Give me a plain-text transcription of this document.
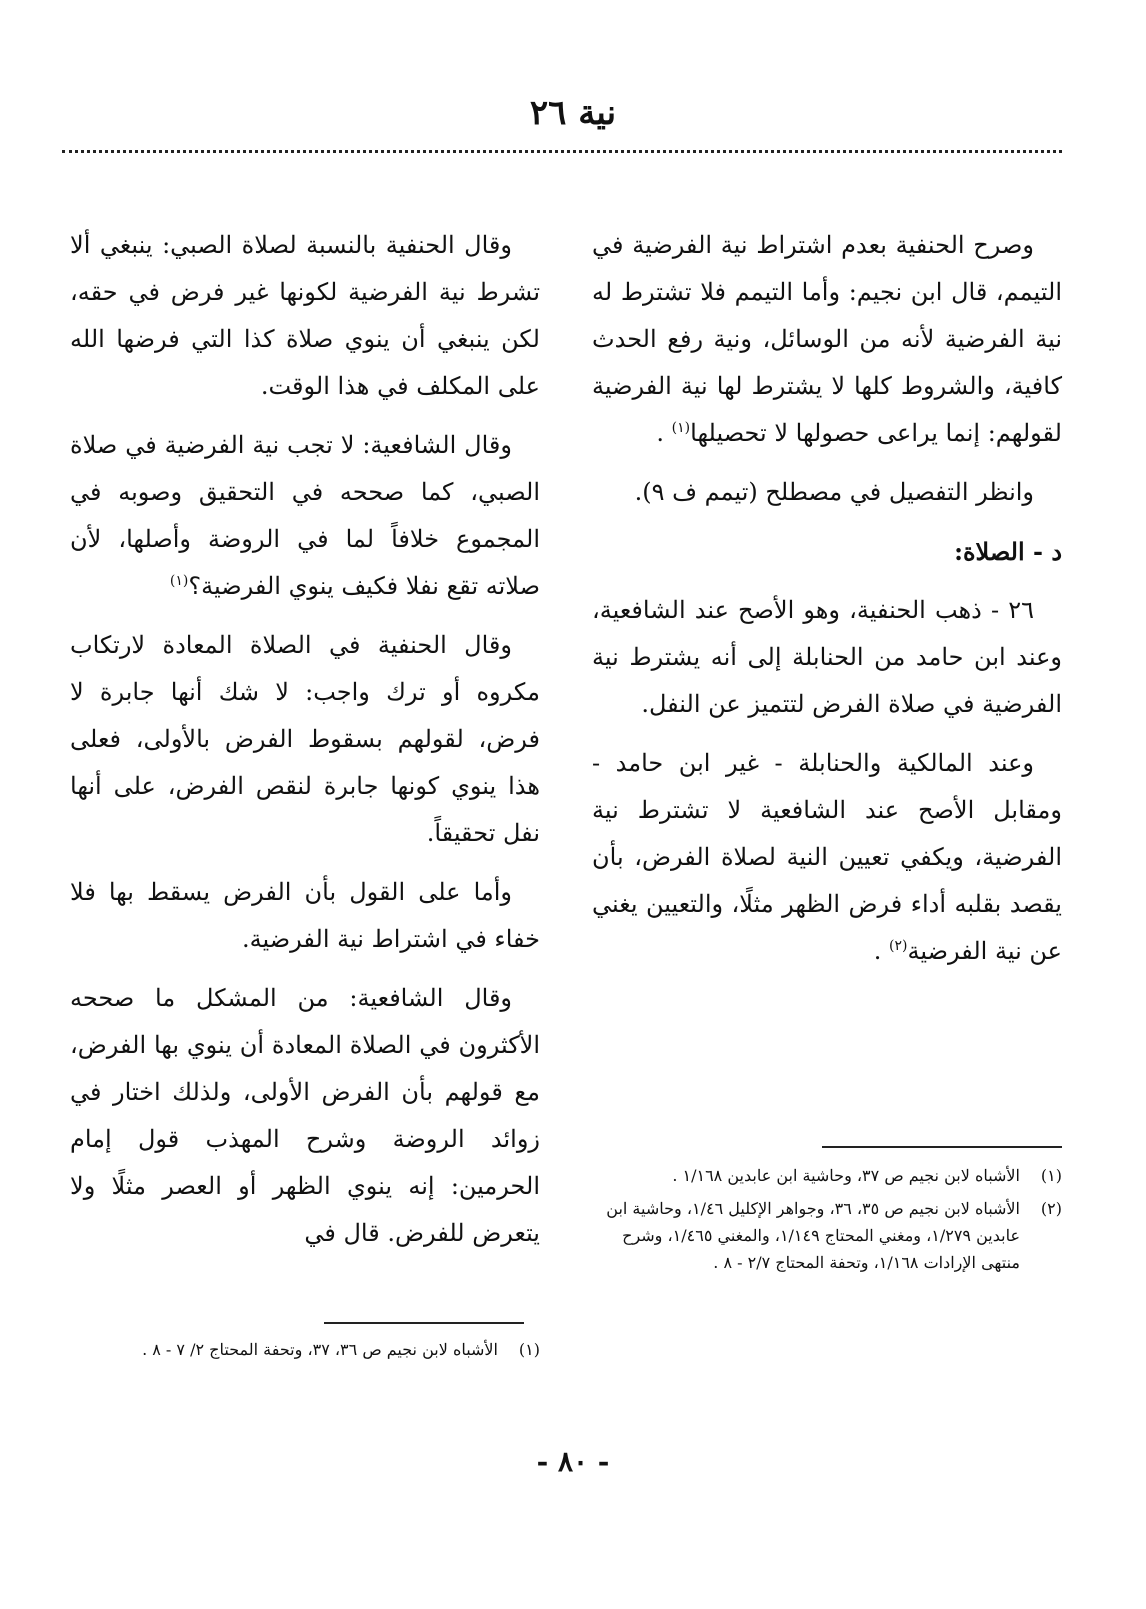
نية ٢٦

وصرح الحنفية بعدم اشتراط نية الفرضية في التيمم، قال ابن نجيم: وأما التيمم فلا تشترط له نية الفرضية لأنه من الوسائل، ونية رفع الحدث كافية، والشروط كلها لا يشترط لها نية الفرضية لقولهم: إنما يراعى حصولها لا تحصيلها$^{(١)}$ .

وانظر التفصيل في مصطلح (تيمم ف ٩).

د - الصلاة:

٢٦ - ذهب الحنفية، وهو الأصح عند الشافعية، وعند ابن حامد من الحنابلة إلى أنه يشترط نية الفرضية في صلاة الفرض لتتميز عن النفل.

وعند المالكية والحنابلة - غير ابن حامد - ومقابل الأصح عند الشافعية لا تشترط نية الفرضية، ويكفي تعيين النية لصلاة الفرض، بأن يقصد بقلبه أداء فرض الظهر مثلًا، والتعيين يغني عن نية الفرضية$^{(٢)}$ .

وقال الحنفية بالنسبة لصلاة الصبي: ينبغي ألا تشرط نية الفرضية لكونها غير فرض في حقه، لكن ينبغي أن ينوي صلاة كذا التي فرضها الله على المكلف في هذا الوقت.

وقال الشافعية: لا تجب نية الفرضية في صلاة الصبي، كما صححه في التحقيق وصوبه في المجموع خلافاً لما في الروضة وأصلها، لأن صلاته تقع نفلا فكيف ينوي الفرضية؟$^{(١)}$

وقال الحنفية في الصلاة المعادة لارتكاب مكروه أو ترك واجب: لا شك أنها جابرة لا فرض، لقولهم بسقوط الفرض بالأولى، فعلى هذا ينوي كونها جابرة لنقص الفرض، على أنها نفل تحقيقاً.

وأما على القول بأن الفرض يسقط بها فلا خفاء في اشتراط نية الفرضية.

وقال الشافعية: من المشكل ما صححه الأكثرون في الصلاة المعادة أن ينوي بها الفرض، مع قولهم بأن الفرض الأولى، ولذلك اختار في زوائد الروضة وشرح المهذب قول إمام الحرمين: إنه ينوي الظهر أو العصر مثلًا ولا يتعرض للفرض. قال في

(١)
الأشباه لابن نجيم ص ٣٧، وحاشية ابن عابدين ١/١٦٨ .
(٢)
الأشباه لابن نجيم ص ٣٥، ٣٦، وجواهر الإكليل ١/٤٦، وحاشية ابن عابدين ١/٢٧٩، ومغني المحتاج ١/١٤٩، والمغني ١/٤٦٥، وشرح منتهى الإرادات ١/١٦٨، وتحفة المحتاج ٢/٧ - ٨ .
(١)
الأشباه لابن نجيم ص ٣٦، ٣٧، وتحفة المحتاج ٢/ ٧ - ٨ .
- ٨٠ -
